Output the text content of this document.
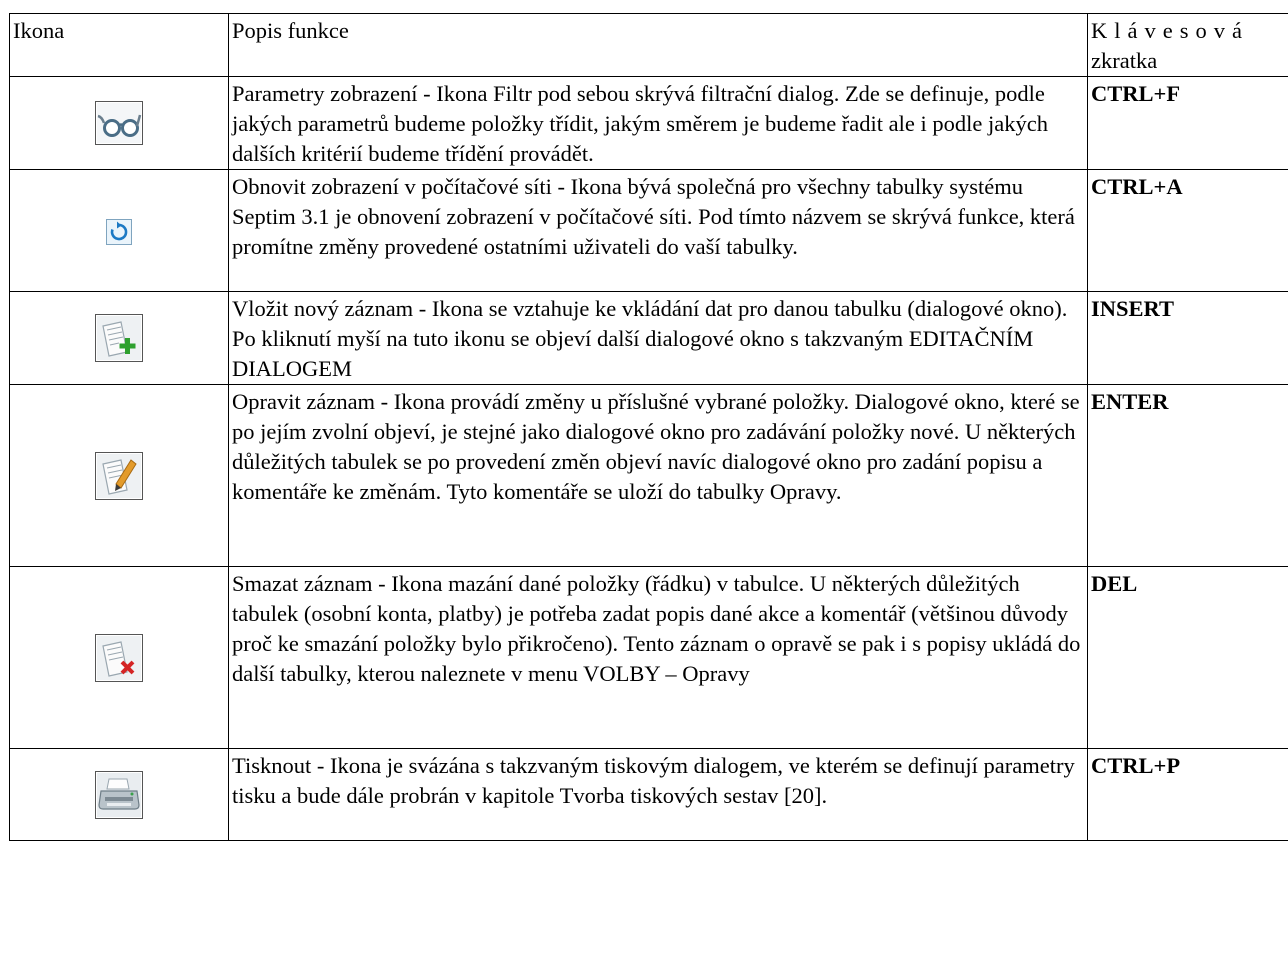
Ikona	Popis funkce	Klávesová
zkratka

	Parametry zobrazení - Ikona Filtr pod sebou skrývá filtrační dialog. Zde se definuje, podle jakých parametrů budeme položky třídit, jakým směrem je budeme řadit ale i podle jakých dalších kritérií budeme třídění provádět.	CTRL+F

	Obnovit zobrazení v počítačové síti - Ikona bývá společná pro všechny tabulky systému Septim 3.1 je obnovení zobrazení v počítačové síti. Pod tímto názvem se skrývá funkce, která promítne změny provedené ostatními uživateli do vaší tabulky.	CTRL+A

	Vložit nový záznam - Ikona se vztahuje ke vkládání dat pro danou tabulku (dialogové okno). Po kliknutí myší na tuto ikonu se objeví další dialogové okno s takzvaným EDITAČNÍM DIALOGEM	INSERT

	Opravit záznam - Ikona provádí změny u příslušné vybrané položky. Dialogové okno, které se po jejím zvolní objeví, je stejné jako dialogové okno pro zadávání položky nové. U některých důležitých tabulek se po provedení změn objeví navíc dialogové okno pro zadání popisu a komentáře ke změnám. Tyto komentáře se uloží do tabulky Opravy.	ENTER

	Smazat záznam - Ikona mazání dané položky (řádku) v tabulce. U některých důležitých tabulek (osobní konta, platby) je potřeba zadat popis dané akce a komentář (většinou důvody proč ke smazání položky bylo přikročeno). Tento záznam o opravě se pak i s popisy ukládá do další tabulky, kterou naleznete v menu VOLBY – Opravy	DEL

	Tisknout - Ikona je svázána s takzvaným tiskovým dialogem, ve kterém se definují parametry tisku a bude dále probrán v kapitole Tvorba tiskových sestav [20].	CTRL+P
